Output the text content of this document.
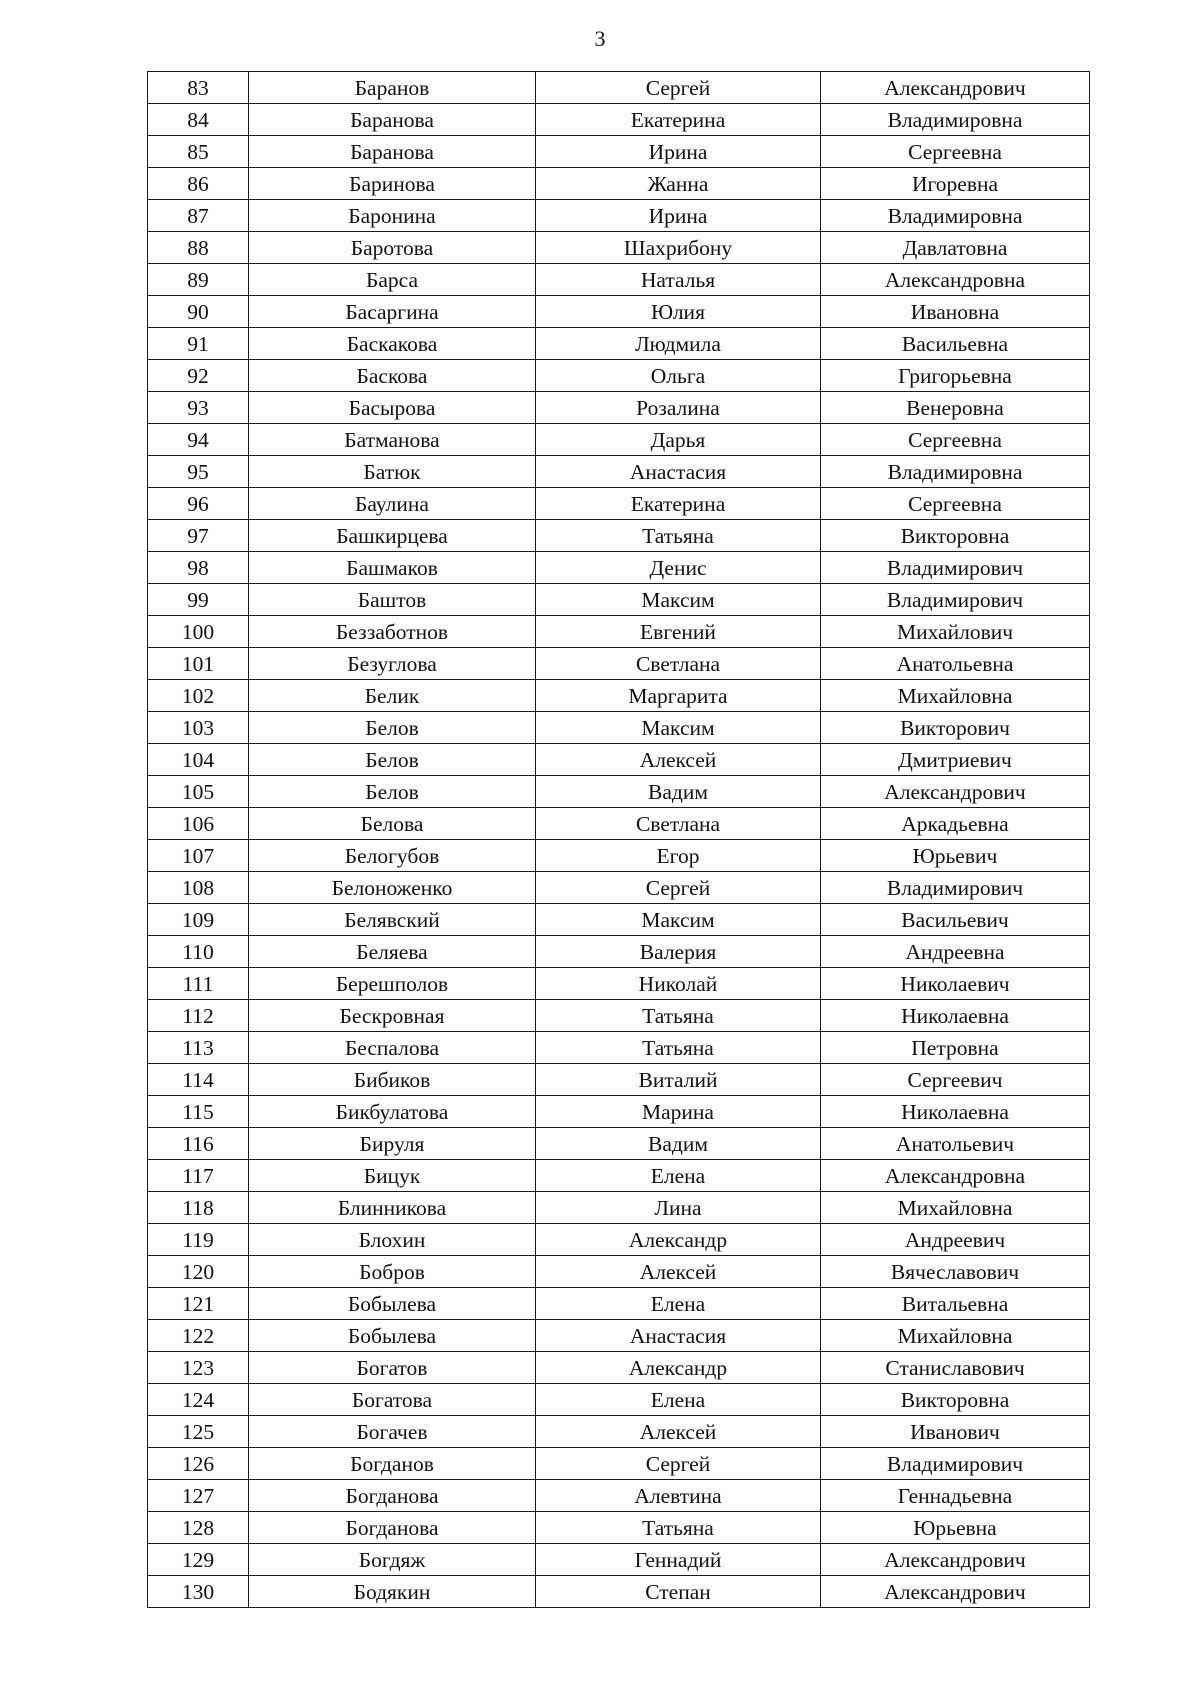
3
83	Баранов	Сергей	Александрович
84	Баранова	Екатерина	Владимировна
85	Баранова	Ирина	Сергеевна
86	Баринова	Жанна	Игоревна
87	Баронина	Ирина	Владимировна
88	Баротова	Шахрибону	Давлатовна
89	Барса	Наталья	Александровна
90	Басаргина	Юлия	Ивановна
91	Баскакова	Людмила	Васильевна
92	Баскова	Ольга	Григорьевна
93	Басырова	Розалина	Венеровна
94	Батманова	Дарья	Сергеевна
95	Батюк	Анастасия	Владимировна
96	Баулина	Екатерина	Сергеевна
97	Башкирцева	Татьяна	Викторовна
98	Башмаков	Денис	Владимирович
99	Баштов	Максим	Владимирович
100	Беззаботнов	Евгений	Михайлович
101	Безуглова	Светлана	Анатольевна
102	Белик	Маргарита	Михайловна
103	Белов	Максим	Викторович
104	Белов	Алексей	Дмитриевич
105	Белов	Вадим	Александрович
106	Белова	Светлана	Аркадьевна
107	Белогубов	Егор	Юрьевич
108	Белоноженко	Сергей	Владимирович
109	Белявский	Максим	Васильевич
110	Беляева	Валерия	Андреевна
111	Берешполов	Николай	Николаевич
112	Бескровная	Татьяна	Николаевна
113	Беспалова	Татьяна	Петровна
114	Бибиков	Виталий	Сергеевич
115	Бикбулатова	Марина	Николаевна
116	Бируля	Вадим	Анатольевич
117	Бицук	Елена	Александровна
118	Блинникова	Лина	Михайловна
119	Блохин	Александр	Андреевич
120	Бобров	Алексей	Вячеславович
121	Бобылева	Елена	Витальевна
122	Бобылева	Анастасия	Михайловна
123	Богатов	Александр	Станиславович
124	Богатова	Елена	Викторовна
125	Богачев	Алексей	Иванович
126	Богданов	Сергей	Владимирович
127	Богданова	Алевтина	Геннадьевна
128	Богданова	Татьяна	Юрьевна
129	Богдяж	Геннадий	Александрович
130	Бодякин	Степан	Александрович
